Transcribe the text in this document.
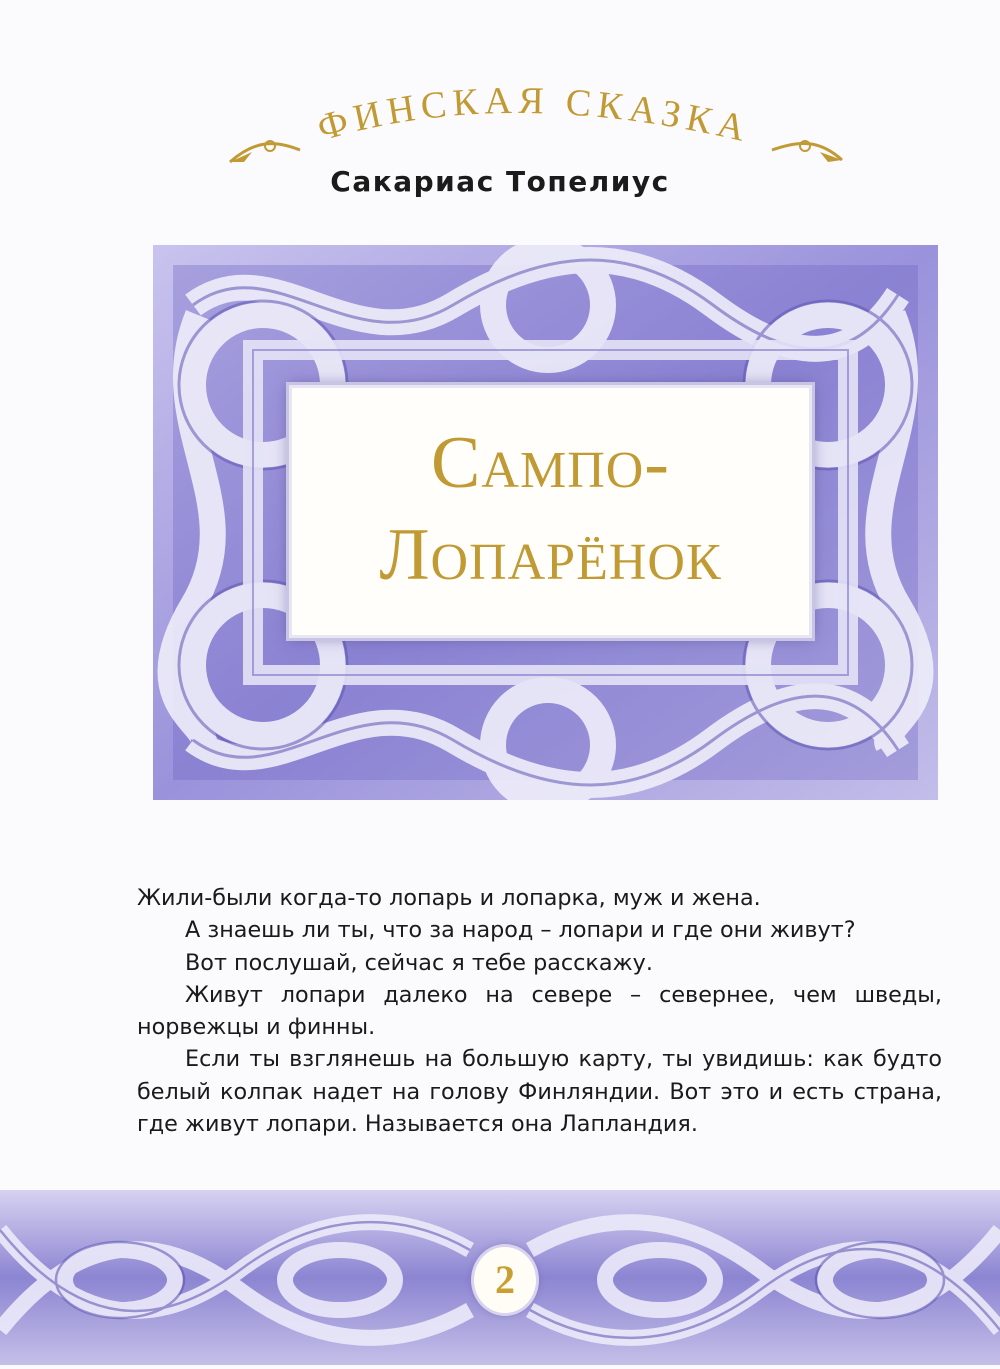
ФИНСКАЯ СКАЗКА
Сакариас Топелиус
Сампо-
Лопарёнок

Жили-были когда-то лопарь и лопарка, муж и жена.

А знаешь ли ты, что за народ – лопари и где они живут?

Вот послушай, сейчас я тебе расскажу.

Живут лопари далеко на севере – севернее, чем шведы, норвежцы и финны.

Если ты взглянешь на большую карту, ты увидишь: как будто белый колпак надет на голову Финляндии. Вот это и есть страна, где живут лопари. Называется она Лапландия.

2
